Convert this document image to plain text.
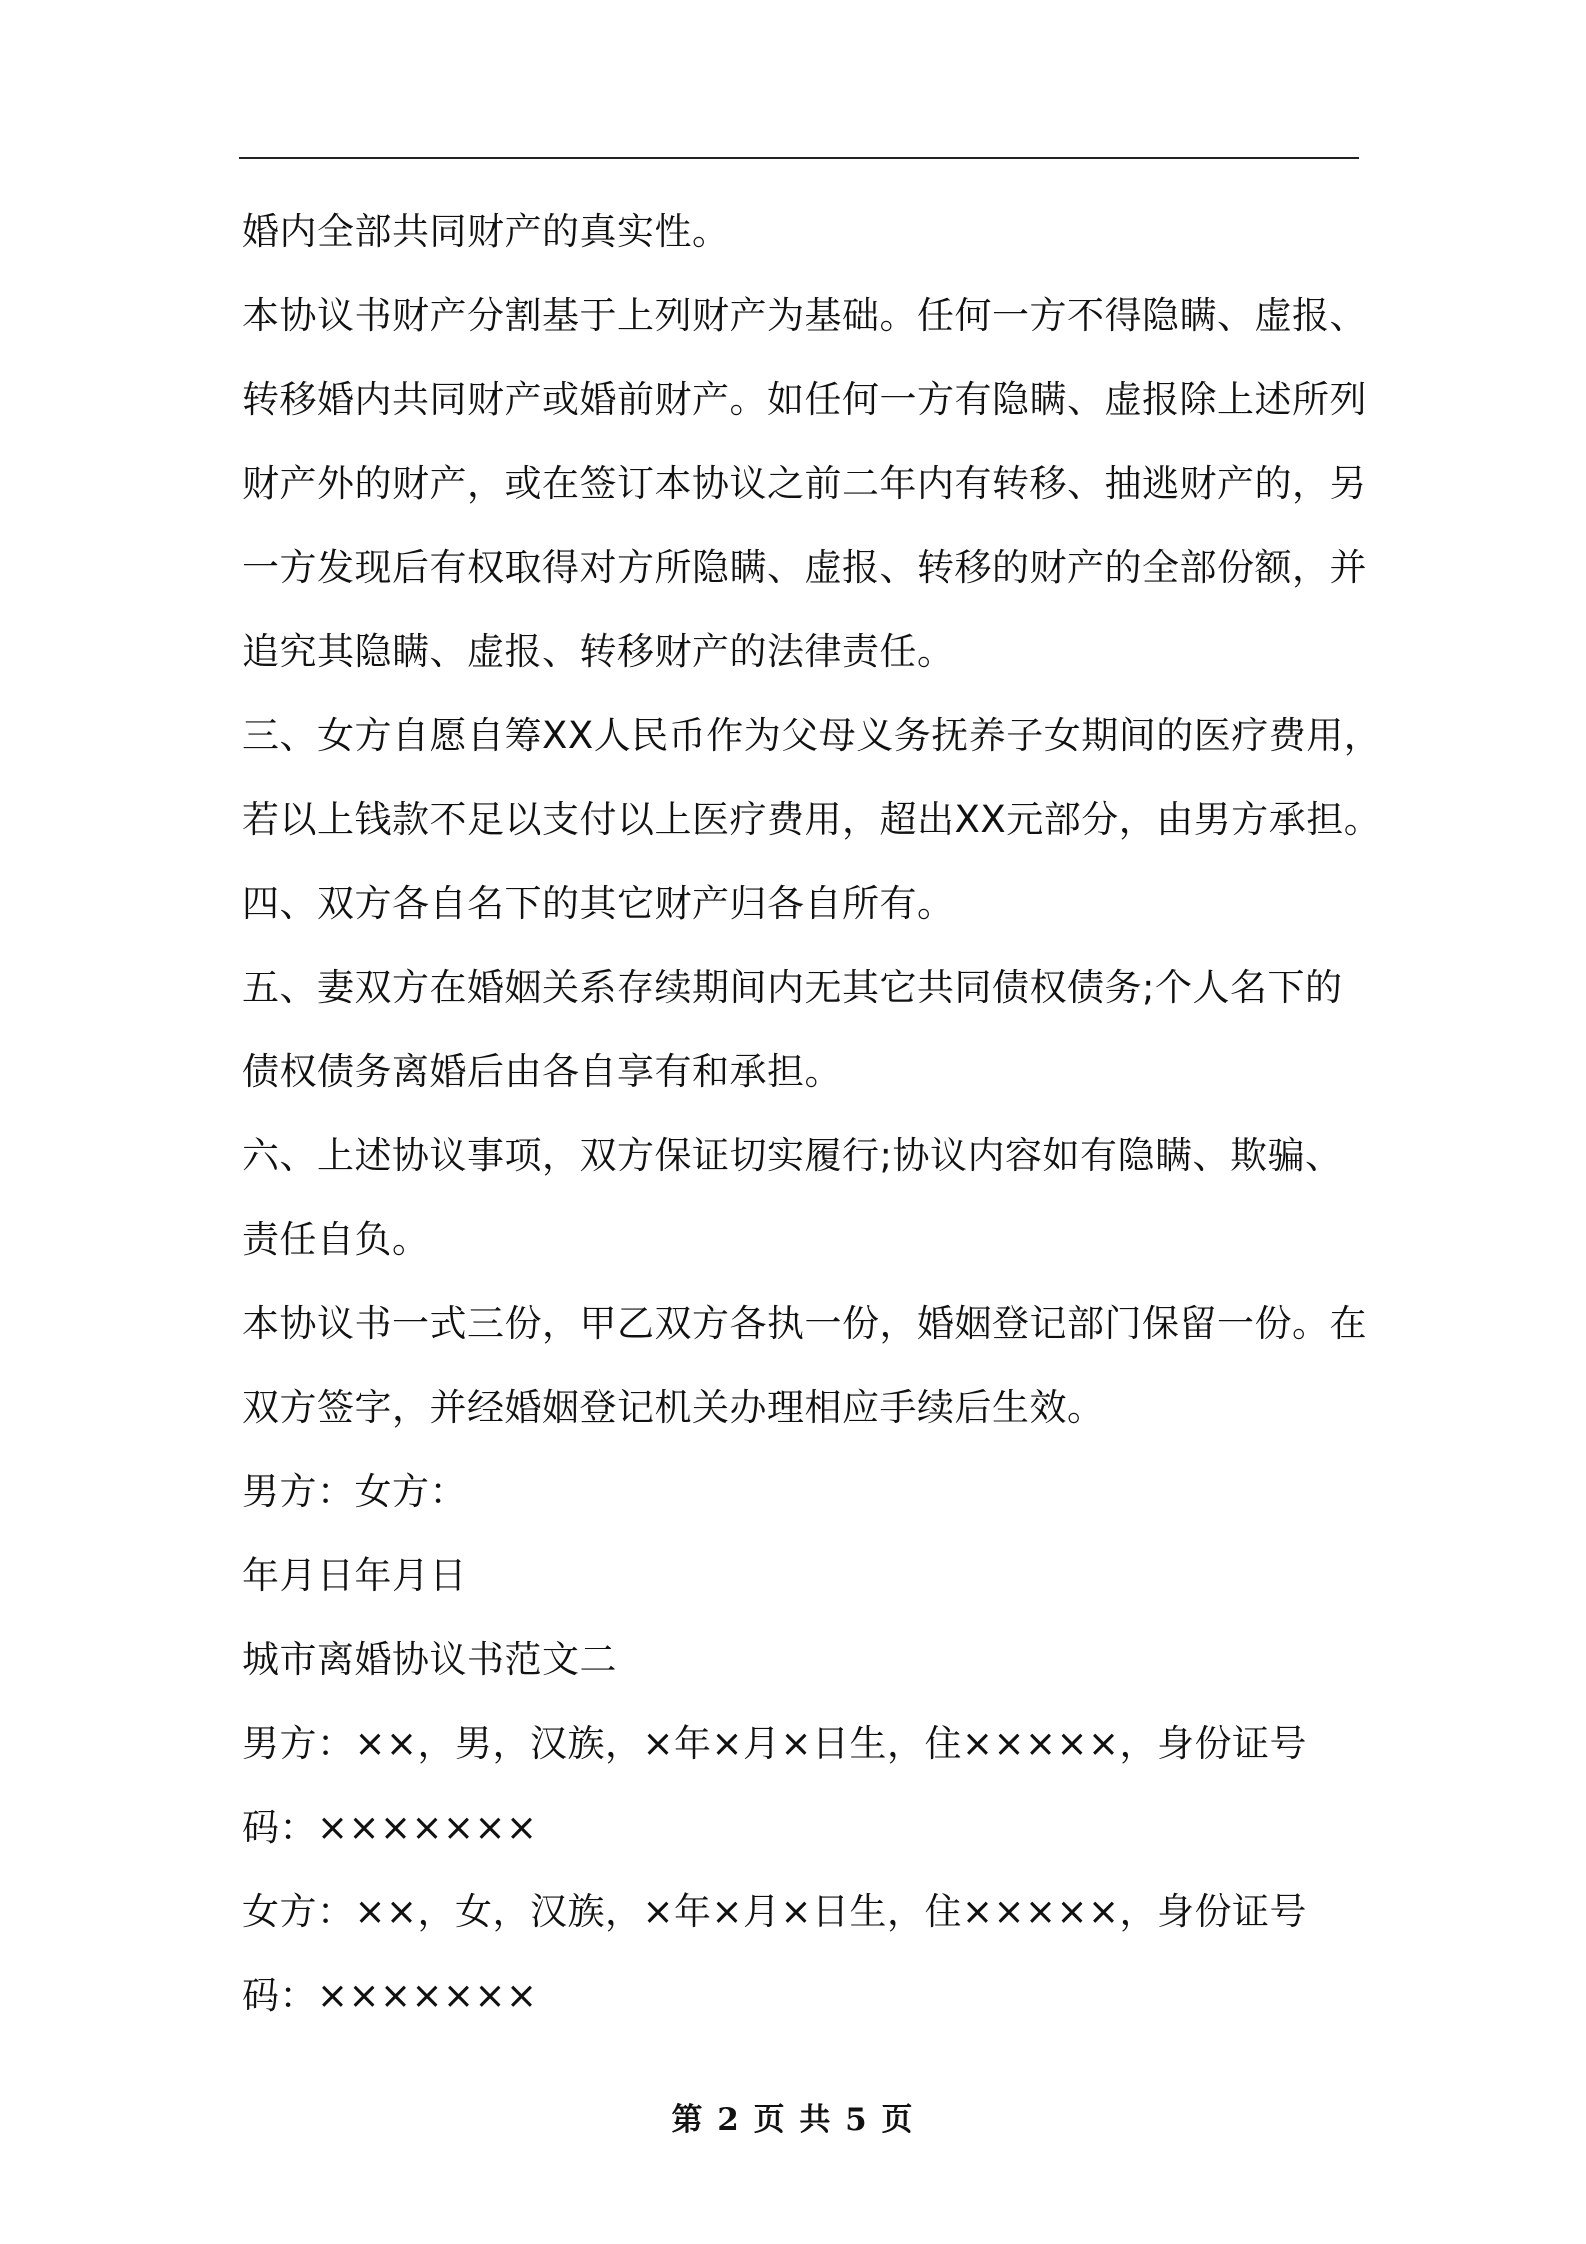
婚内全部共同财产的真实性。
本协议书财产分割基于上列财产为基础。任何一方不得隐瞒、虚报、
转移婚内共同财产或婚前财产。如任何一方有隐瞒、虚报除上述所列
财产外的财产，或在签订本协议之前二年内有转移、抽逃财产的，另
一方发现后有权取得对方所隐瞒、虚报、转移的财产的全部份额，并
追究其隐瞒、虚报、转移财产的法律责任。
三、女方自愿自筹XX人民币作为父母义务抚养子女期间的医疗费用，
若以上钱款不足以支付以上医疗费用，超出XX元部分，由男方承担。
四、双方各自名下的其它财产归各自所有。
五、妻双方在婚姻关系存续期间内无其它共同债权债务;个人名下的
债权债务离婚后由各自享有和承担。
六、上述协议事项，双方保证切实履行;协议内容如有隐瞒、欺骗、
责任自负。
本协议书一式三份，甲乙双方各执一份，婚姻登记部门保留一份。在
双方签字，并经婚姻登记机关办理相应手续后生效。
男方：女方：
年月日年月日
城市离婚协议书范文二
男方：××，男，汉族，×年×月×日生，住×××××，身份证号
码：×××××××
女方：××，女，汉族，×年×月×日生，住×××××，身份证号
码：×××××××
第 2 页 共 5 页
